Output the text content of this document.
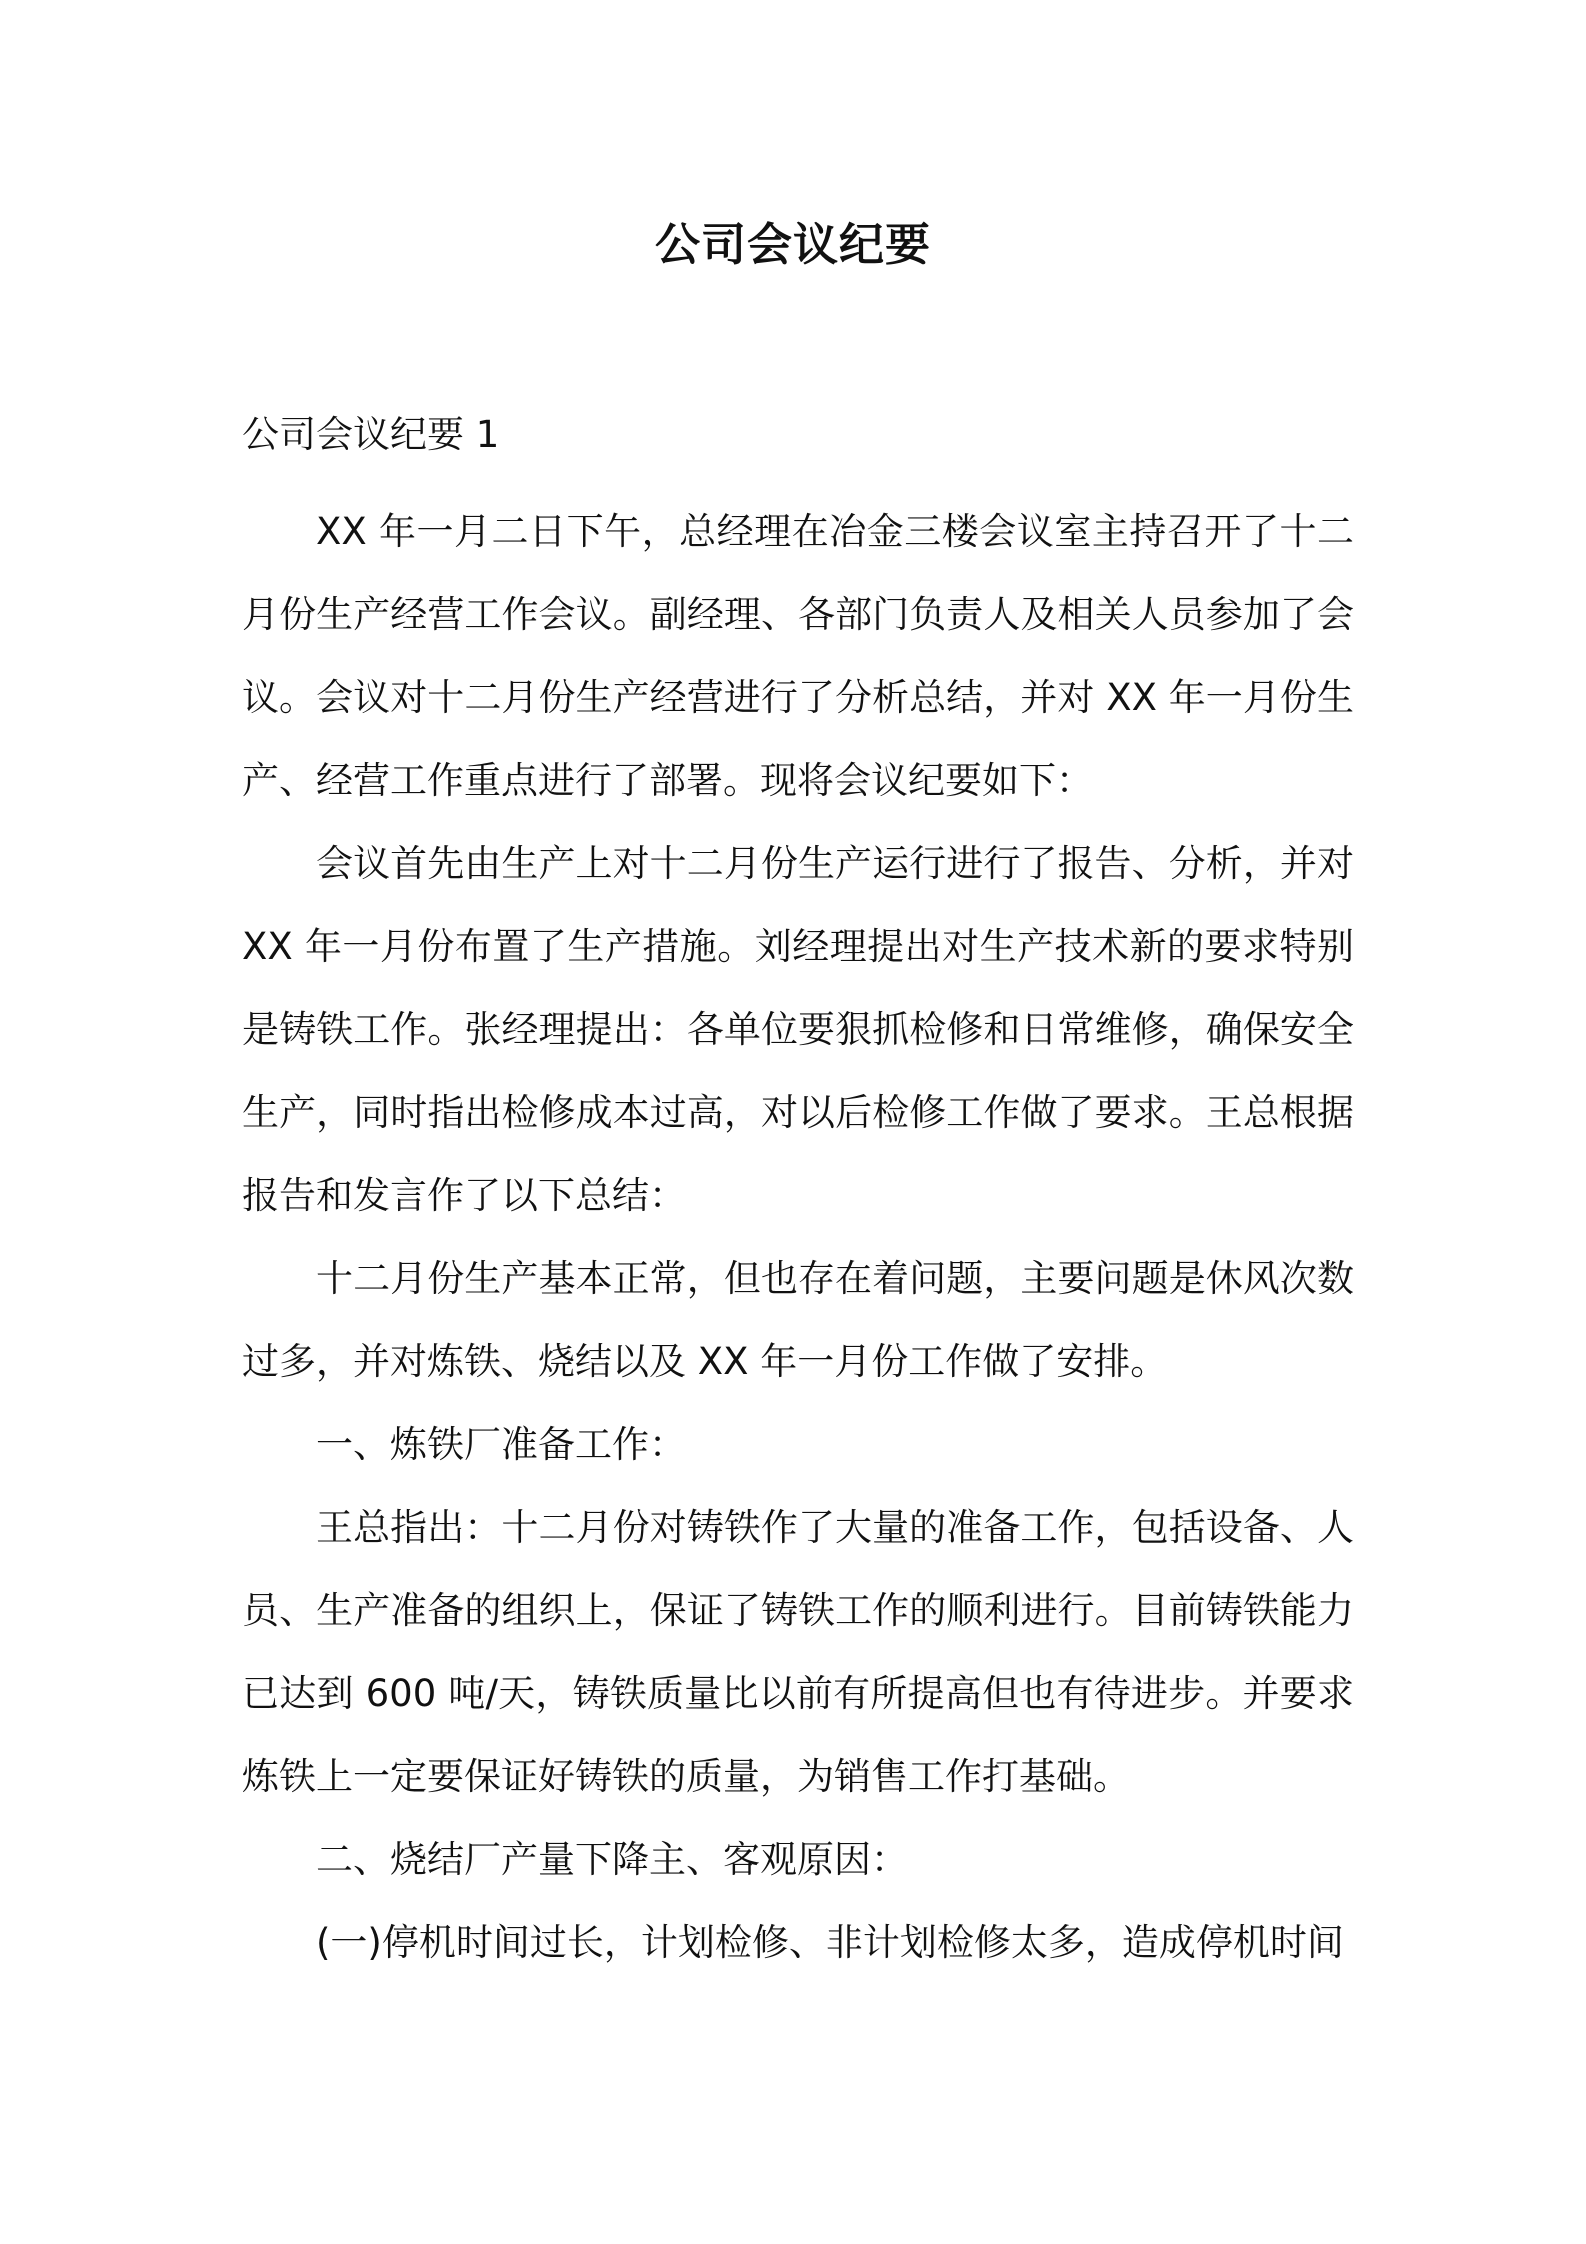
公司会议纪要
公司会议纪要 1

XX 年一月二日下午，总经理在冶金三楼会议室主持召开了十二月份生产经营工作会议。副经理、各部门负责人及相关人员参加了会议。会议对十二月份生产经营进行了分析总结，并对 XX 年一月份生产、经营工作重点进行了部署。现将会议纪要如下：

会议首先由生产上对十二月份生产运行进行了报告、分析，并对 XX 年一月份布置了生产措施。刘经理提出对生产技术新的要求特别是铸铁工作。张经理提出：各单位要狠抓检修和日常维修，确保安全生产，同时指出检修成本过高，对以后检修工作做了要求。王总根据报告和发言作了以下总结：

十二月份生产基本正常，但也存在着问题，主要问题是休风次数过多，并对炼铁、烧结以及 XX 年一月份工作做了安排。

一、炼铁厂准备工作：

王总指出：十二月份对铸铁作了大量的准备工作，包括设备、人员、生产准备的组织上，保证了铸铁工作的顺利进行。目前铸铁能力已达到 600 吨/天，铸铁质量比以前有所提高但也有待进步。并要求炼铁上一定要保证好铸铁的质量，为销售工作打基础。

二、烧结厂产量下降主、客观原因：

(一)停机时间过长，计划检修、非计划检修太多，造成停机时间
